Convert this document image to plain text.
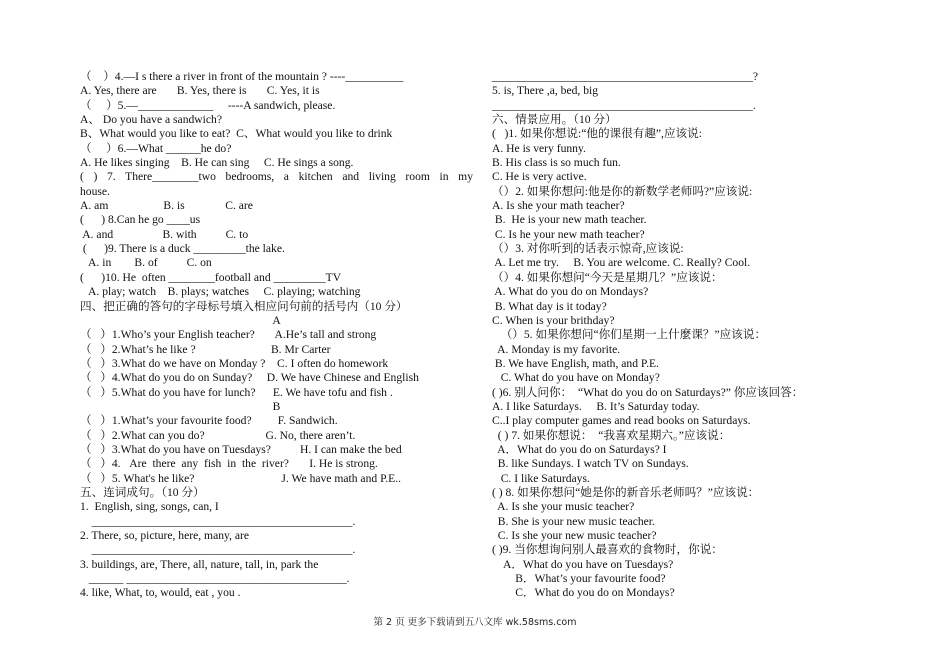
（    ）4.—I s there a river in front of the mountain ? ----__________
A. Yes, there are       B. Yes, there is       C. Yes, it is
（     ）5.—_____________     ----A sandwich, please.
A、 Do you have a sandwich?
B、What would you like to eat?  C、What would you like to drink
（     ）6.—What ______he do?
A. He likes singing    B. He can sing     C. He sings a song.
( ) 7. There________two bedrooms, a kitchen and living room in my
house.
A. am                   B. is              C. are
(      ) 8.Can he go ____us
A. and                 B. with          C. to
(      )9. There is a duck _________the lake.
A. in        B. of          C. on
(      )10. He  often ________football and _________TV
A. play; watch    B. plays; watches     C. playing; watching
四、把正确的答句的字母标号填入相应问句前的括号内（10 分）
A
（   ）1.Who’s your English teacher?       A.He’s tall and strong
（   ）2.What’s he like ?                          B. Mr Carter
（   ）3.What do we have on Monday ?    C. I often do homework
（   ）4.What do you do on Sunday?     D. We have Chinese and English
（   ）5.What do you have for lunch?      E. We have tofu and fish .
B
（   ）1.What’s your favourite food?         F. Sandwich.
（   ）2.What can you do?                     G. No, there aren’t.
（   ）3.What do you have on Tuesdays?          H. I can make the bed
（   ）4.   Are  there  any  fish  in  the  river?       I. He is strong.
（   ）5. What's he like?                              J. We have math and P.E..
五、连词成句。（10 分）
1.  English, sing, songs, can, I
_____________________________________________.
2. There, so, picture, here, many, are
_____________________________________________.
3. buildings, are, There, all, nature, tall, in, park the
______ ______________________________________.
4. like, What, to, would, eat , you .
_____________________________________________?
5. is, There ,a, bed, big
_____________________________________________.
六、情景应用。（10 分）
(   )1. 如果你想说:“他的课很有趣”,应该说:
A. He is very funny.
B. His class is so much fun.
C. He is very active.
（）2. 如果你想问:他是你的新数学老师吗?”应该说:
A. Is she your math teacher?
B.  He is your new math teacher.
C. Is he your new math teacher?
（）3. 对你听到的话表示惊奇,应该说:
A. Let me try.     B. You are welcome. C. Really? Cool.
（）4. 如果你想问“今天是星期几？”应该说：
A. What do you do on Mondays?
B. What day is it today?
C. When is your brithday?
（）5. 如果你想问“你们星期一上什麼课？”应该说：
A. Monday is my favorite.
B. We have English, math, and P.E.
C. What do you have on Monday?
( )6. 别人问你：  “What do you do on Saturdays?” 你应该回答：
A. I like Saturdays.     B. It’s Saturday today.
C..I play computer games and read books on Saturdays.
( ) 7. 如果你想说：  “我喜欢星期六。”应该说：
A．What do you do on Saturdays? I
B. like Sundays. I watch TV on Sundays.
C. I like Saturdays.
( ) 8. 如果你想问“她是你的新音乐老师吗？”应该说：
A. Is she your music teacher?
B. She is your new music teacher.
C. Is she your new music teacher?
( )9. 当你想询问别人最喜欢的食物时，你说：
A．What do you have on Tuesdays?
B．What’s your favourite food?
C．What do you do on Mondays?
第 2 页 更多下载请到五八文库 wk.58sms.com
